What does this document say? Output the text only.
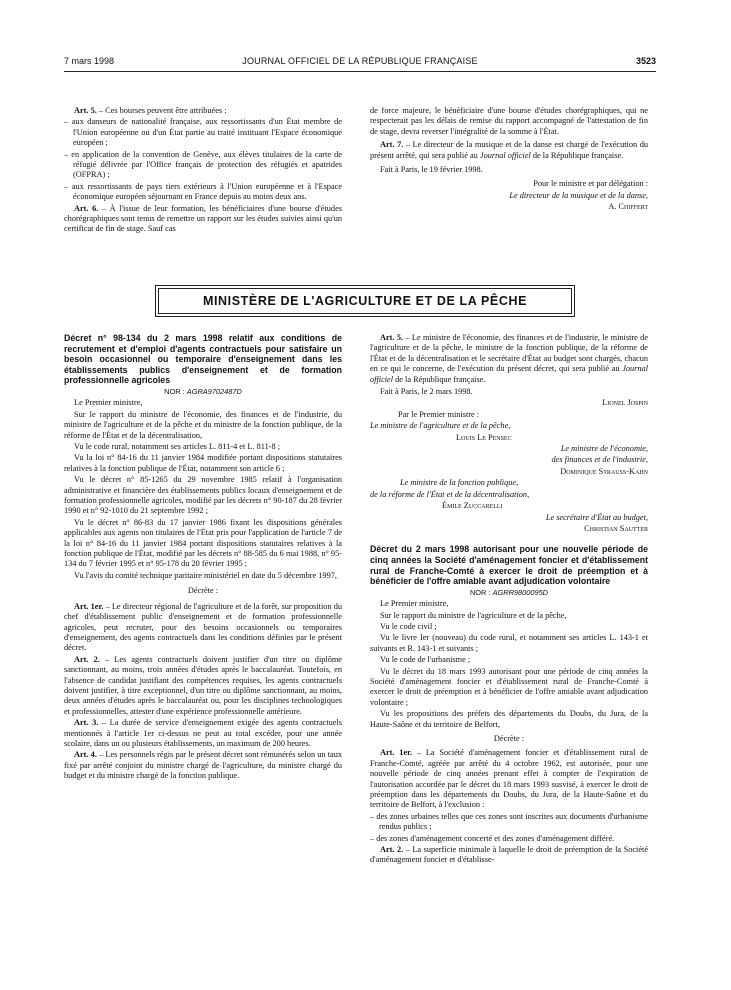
7 mars 1998	JOURNAL OFFICIEL DE LA RÉPUBLIQUE FRANÇAISE	3523

Art. 5. – Ces bourses peuvent être attribuées :

– aux danseurs de nationalité française, aux ressortissants d'un État membre de l'Union européenne ou d'un État partie au traité instituant l'Espace économique européen ;

– en application de la convention de Genève, aux élèves titulaires de la carte de réfugié délivrée par l'Office français de protection des réfugiés et apatrides (OFPRA) ;

– aux ressortissants de pays tiers extérieurs à l'Union européenne et à l'Espace économique européen séjournant en France depuis au moins deux ans.

Art. 6. – À l'issue de leur formation, les bénéficiaires d'une bourse d'études chorégraphiques sont tenus de remettre un rapport sur les études suivies ainsi qu'un certificat de fin de stage. Sauf cas

de force majeure, le bénéficiaire d'une bourse d'études chorégraphiques, qui ne respecterait pas les délais de remise du rapport accompagné de l'attestation de fin de stage, devra reverser l'intégralité de la somme à l'État.

Art. 7. – Le directeur de la musique et de la danse est chargé de l'exécution du présent arrêté, qui sera publié au Journal officiel de la République française.

Fait à Paris, le 19 février 1998.

Pour le ministre et par délégation :

Le directeur de la musique et de la danse,

A. Chiffert

MINISTÈRE DE L'AGRICULTURE ET DE LA PÊCHE

Décret n° 98-134 du 2 mars 1998 relatif aux conditions de recrutement et d'emploi d'agents contractuels pour satisfaire un besoin occasionnel ou temporaire d'enseignement dans les établissements publics d'enseignement et de formation professionnelle agricoles

NOR : AGRA9702487D

Le Premier ministre,

Sur le rapport du ministre de l'économie, des finances et de l'industrie, du ministre de l'agriculture et de la pêche et du ministre de la fonction publique, de la réforme de l'État et de la décentralisation,

Vu le code rural, notamment ses articles L. 811-4 et L. 811-8 ;

Vu la loi n° 84-16 du 11 janvier 1984 modifiée portant dispositions statutaires relatives à la fonction publique de l'État, notamment son article 6 ;

Vu le décret n° 85-1265 du 29 novembre 1985 relatif à l'organisation administrative et financière des établissements publics locaux d'enseignement et de formation professionnelle agricoles, modifié par les décrets n° 90-187 du 28 février 1990 et n° 92-1010 du 21 septembre 1992 ;

Vu le décret n° 86-83 du 17 janvier 1986 fixant les dispositions générales applicables aux agents non titulaires de l'État pris pour l'application de l'article 7 de la loi n° 84-16 du 11 janvier 1984 portant dispositions statutaires relatives à la fonction publique de l'État, modifié par les décrets n° 88-585 du 6 mai 1988, n° 95-134 du 7 février 1995 et n° 95-178 du 20 février 1995 ;

Vu l'avis du comité technique paritaire ministériel en date du 5 décembre 1997,

Décrète :

Art. 1er. – Le directeur régional de l'agriculture et de la forêt, sur proposition du chef d'établissement public d'enseignement et de formation professionnelle agricoles, peut recruter, pour des besoins occasionnels ou temporaires d'enseignement, des agents contractuels dans les conditions définies par le présent décret.

Art. 2. – Les agents contractuels doivent justifier d'un titre ou diplôme sanctionnant, au moins, trois années d'études après le baccalauréat. Toutefois, en l'absence de candidat justifiant des compétences requises, les agents contractuels doivent justifier, à titre exceptionnel, d'un titre ou diplôme sanctionnant, au moins, deux années d'études après le baccalauréat ou, pour les disciplines technologiques et professionnelles, attester d'une expérience professionnelle antérieure.

Art. 3. – La durée de service d'enseignement exigée des agents contractuels mentionnés à l'article 1er ci-dessus ne peut au total excéder, pour une année scolaire, dans un ou plusieurs établissements, un maximum de 200 heures.

Art. 4. – Les personnels régis par le présent décret sont rémunérés selon un taux fixé par arrêté conjoint du ministre chargé de l'agriculture, du ministre chargé du budget et du ministre chargé de la fonction publique.

Art. 5. – Le ministre de l'économie, des finances et de l'industrie, le ministre de l'agriculture et de la pêche, le ministre de la fonction publique, de la réforme de l'État et de la décentralisation et le secrétaire d'État au budget sont chargés, chacun en ce qui le concerne, de l'exécution du présent décret, qui sera publié au Journal officiel de la République française.

Fait à Paris, le 2 mars 1998.

Lionel Jospin

Par le Premier ministre :

Le ministre de l'agriculture et de la pêche,

Louis Le Pensec

Le ministre de l'économie,

des finances et de l'industrie,

Dominique Strauss-Kahn

Le ministre de la fonction publique,

de la réforme de l'État et de la décentralisation,

Émile Zuccarelli

Le secrétaire d'État au budget,

Christian Sautter

Décret du 2 mars 1998 autorisant pour une nouvelle période de cinq années la Société d'aménagement foncier et d'établissement rural de Franche-Comté à exercer le droit de préemption et à bénéficier de l'offre amiable avant adjudication volontaire

NOR : AGRR9800095D

Le Premier ministre,

Sur le rapport du ministre de l'agriculture et de la pêche,

Vu le code civil ;

Vu le livre Ier (nouveau) du code rural, et notamment ses articles L. 143-1 et suivants et R. 143-1 et suivants ;

Vu le code de l'urbanisme ;

Vu le décret du 18 mars 1993 autorisant pour une période de cinq années la Société d'aménagement foncier et d'établissement rural de Franche-Comté à exercer le droit de préemption et à bénéficier de l'offre amiable avant adjudication volontaire ;

Vu les propositions des préfets des départements du Doubs, du Jura, de la Haute-Saône et du territoire de Belfort,

Décrète :

Art. 1er. – La Société d'aménagement foncier et d'établissement rural de Franche-Comté, agréée par arrêté du 4 octobre 1962, est autorisée, pour une nouvelle période de cinq années prenant effet à compter de l'expiration de l'autorisation accordée par le décret du 18 mars 1993 susvisé, à exercer le droit de préemption dans les départements du Doubs, du Jura, de la Haute-Saône et du territoire de Belfort, à l'exclusion :

– des zones urbaines telles que ces zones sont inscrites aux documents d'urbanisme rendus publics ;

– des zones d'aménagement concerté et des zones d'aménagement différé.

Art. 2. – La superficie minimale à laquelle le droit de préemption de la Société d'aménagement foncier et d'établisse-
